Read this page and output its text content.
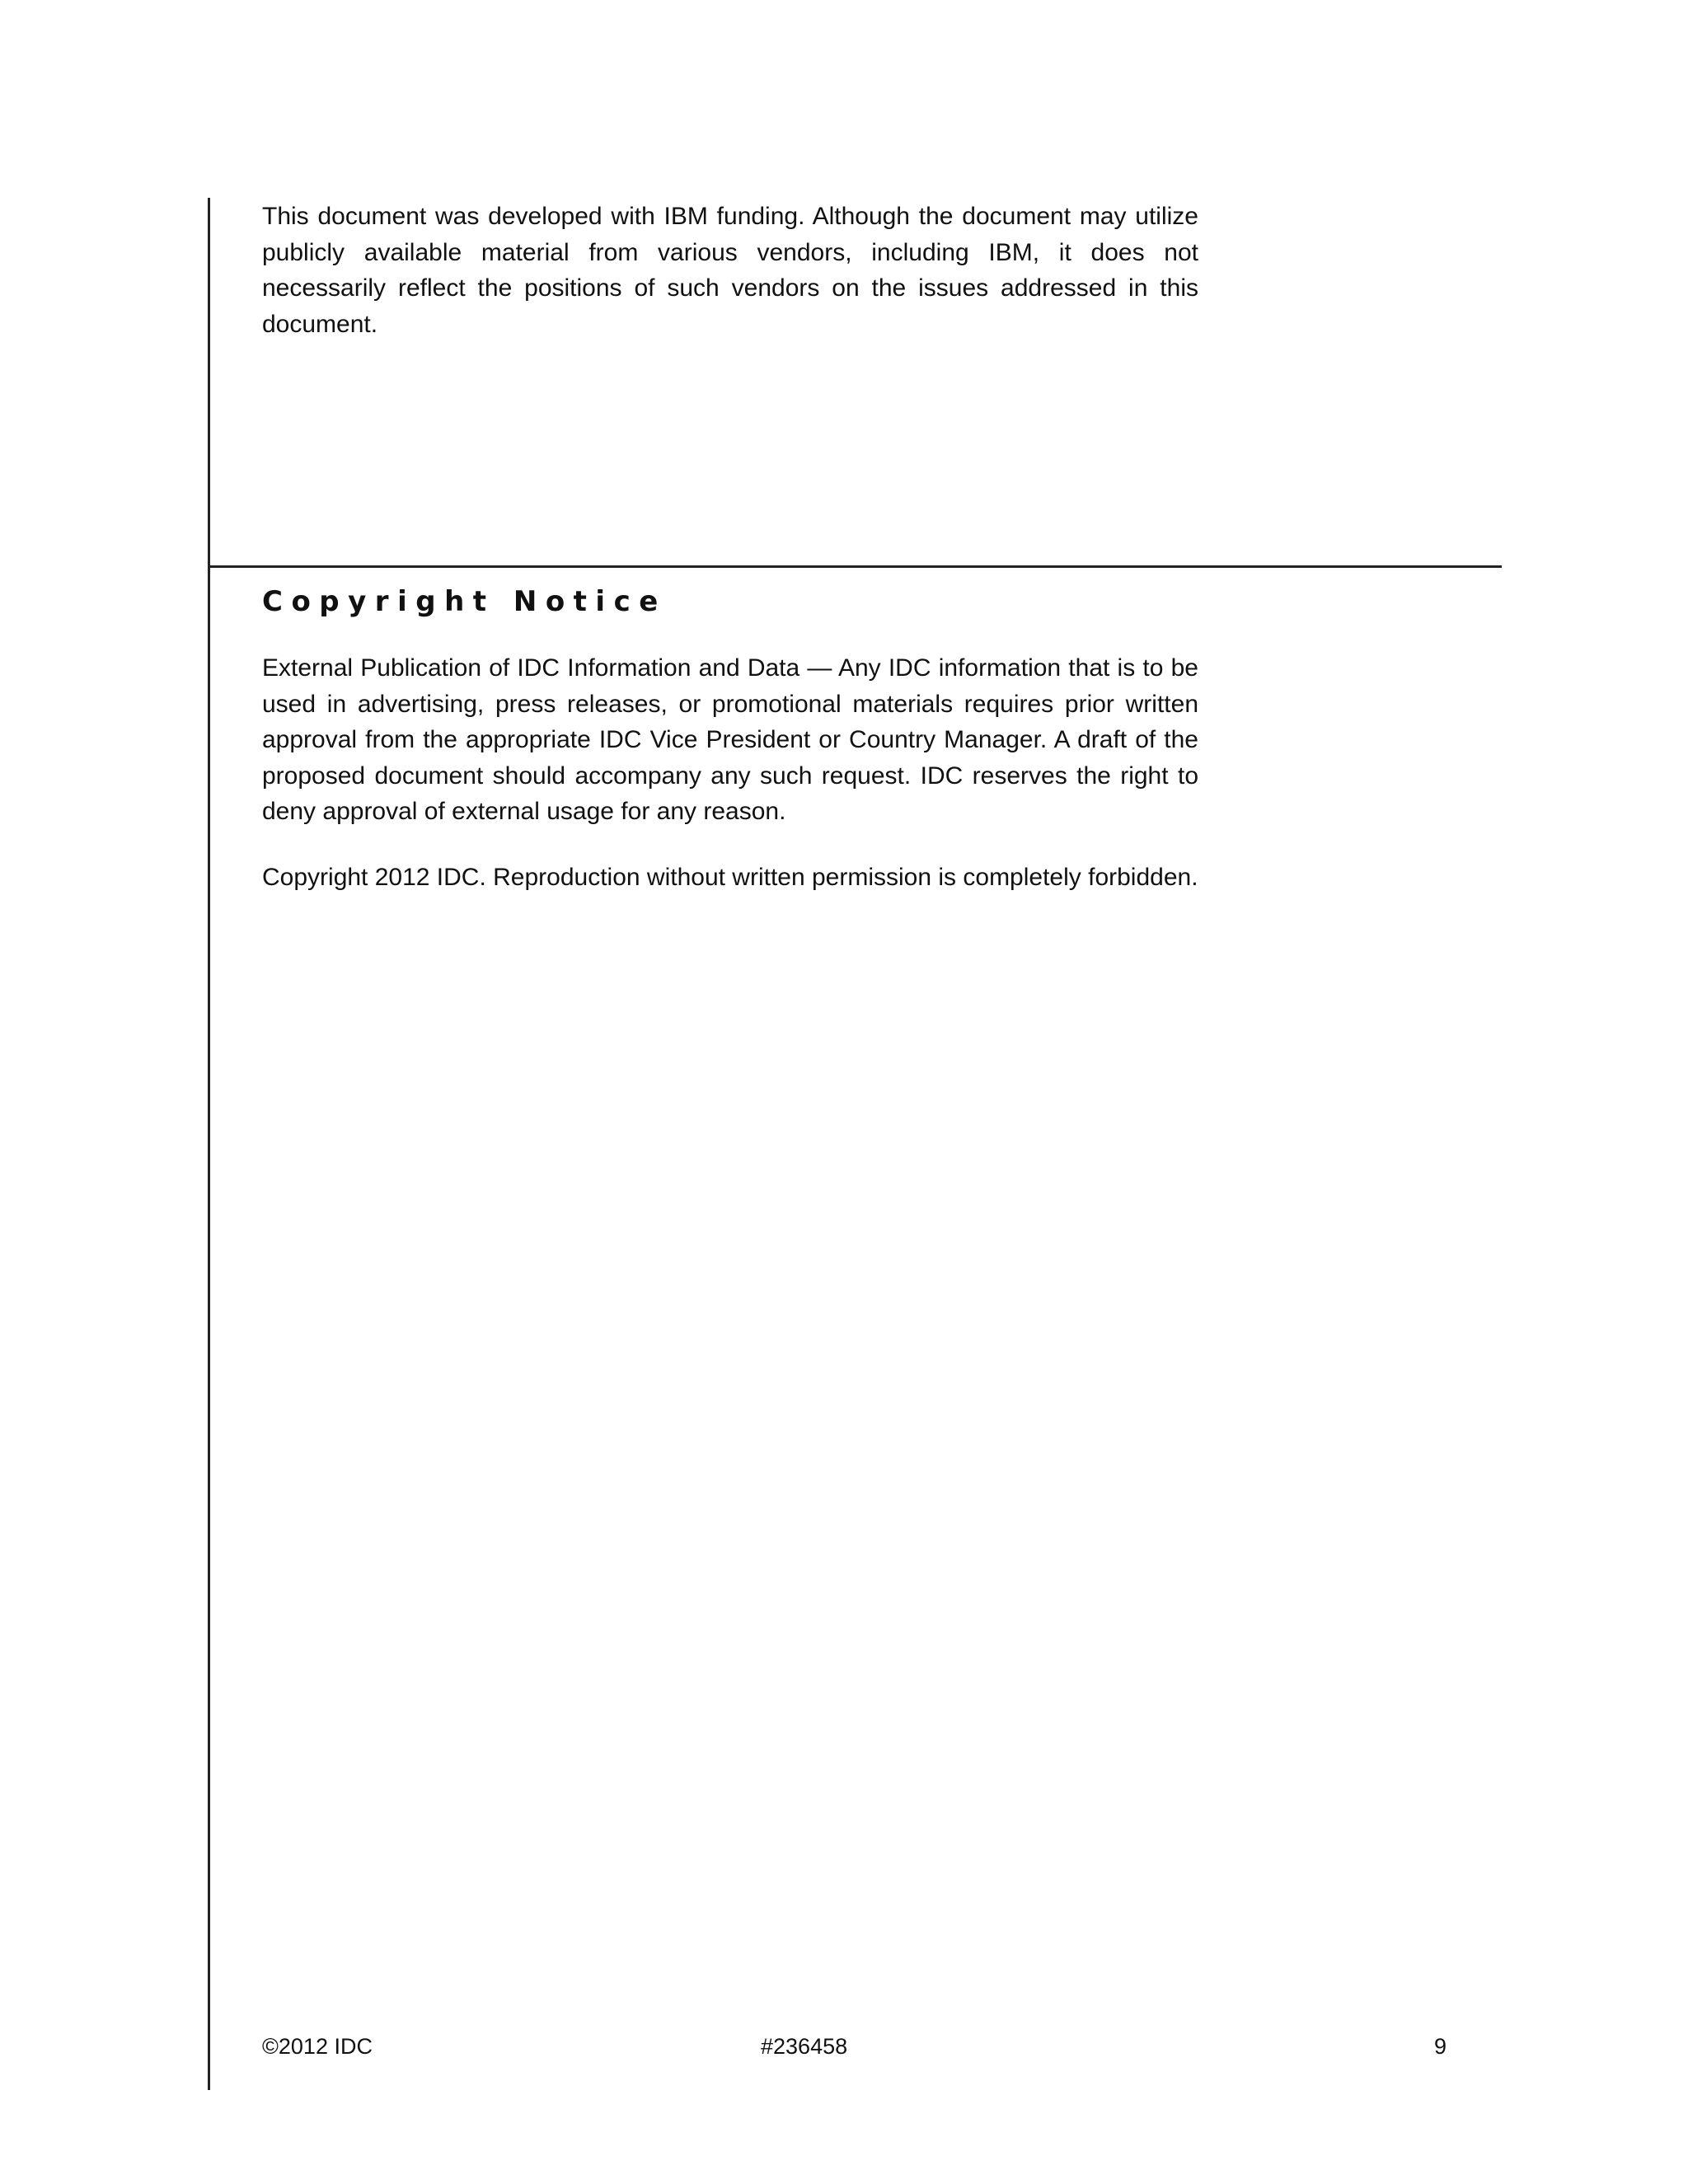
This document was developed with IBM funding. Although the document may utilize publicly available material from various vendors, including IBM, it does not necessarily reflect the positions of such vendors on the issues addressed in this document.

Copyright Notice

External Publication of IDC Information and Data — Any IDC information that is to be used in advertising, press releases, or promotional materials requires prior written approval from the appropriate IDC Vice President or Country Manager. A draft of the proposed document should accompany any such request. IDC reserves the right to deny approval of external usage for any reason.

Copyright 2012 IDC. Reproduction without written permission is completely forbidden.

©2012 IDC	#236458	9
